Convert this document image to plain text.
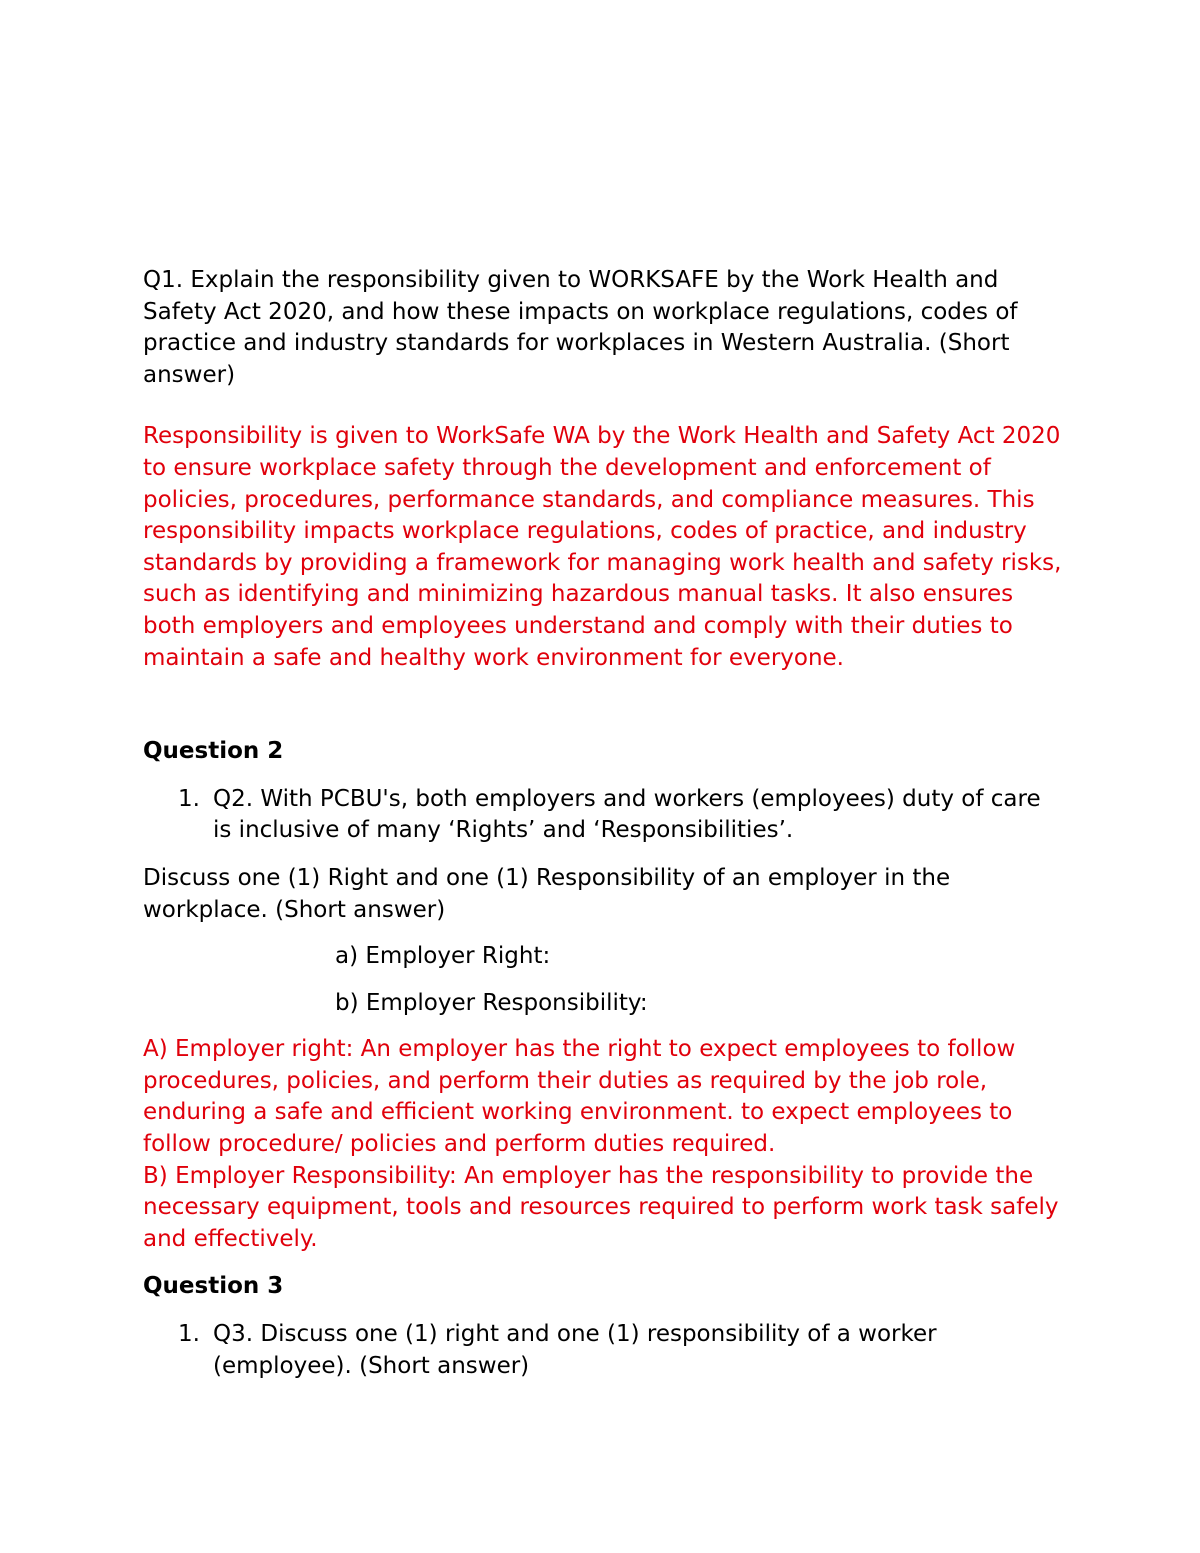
Q1. Explain the responsibility given to WORKSAFE by the Work Health and Safety Act 2020, and how these impacts on workplace regulations, codes of practice and industry standards for workplaces in Western Australia. (Short answer)

Responsibility is given to WorkSafe WA by the Work Health and Safety Act 2020 to ensure workplace safety through the development and enforcement of policies, procedures, performance standards, and compliance measures. This responsibility impacts workplace regulations, codes of practice, and industry standards by providing a framework for managing work health and safety risks, such as identifying and minimizing hazardous manual tasks. It also ensures both employers and employees understand and comply with their duties to maintain a safe and healthy work environment for everyone.

Question 2

1. Q2. With PCBU's, both employers and workers (employees) duty of care is inclusive of many ‘Rights’ and ‘Responsibilities’.

Discuss one (1) Right and one (1) Responsibility of an employer in the workplace. (Short answer)

a) Employer Right:

b) Employer Responsibility:

A) Employer right: An employer has the right to expect employees to follow procedures, policies, and perform their duties as required by the job role, enduring a safe and efficient working environment. to expect employees to follow procedure/ policies and perform duties required.

B) Employer Responsibility: An employer has the responsibility to provide the necessary equipment, tools and resources required to perform work task safely and effectively.

Question 3

1. Q3. Discuss one (1) right and one (1) responsibility of a worker (employee). (Short answer)
